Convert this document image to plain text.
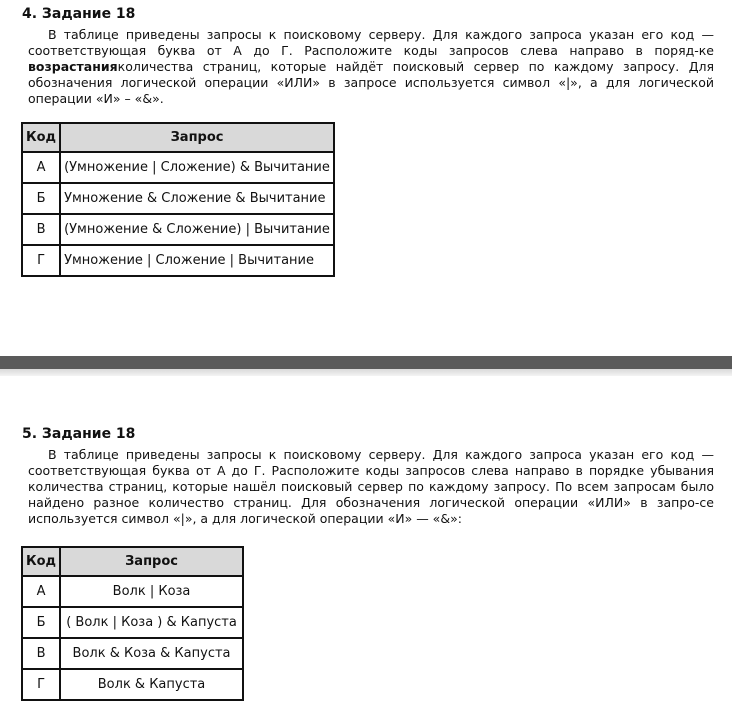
4. Задание 18

В таблице приведены запросы к поисковому серверу. Для каждого запроса указан его код — соответствующая буква от А до Г. Расположите коды запросов слева направо в поряд-ке возрастанияколичества страниц, которые найдёт поисковый сервер по каждому запросу. Для обозначения логической операции «ИЛИ» в запросе используется символ «|», а для логической операции «И» – «&».

Код	Запрос
А	(Умножение | Сложение) & Вычитание
Б	Умножение & Сложение & Вычитание
В	(Умножение & Сложение) | Вычитание
Г	Умножение | Сложение | Вычитание
5. Задание 18

В таблице приведены запросы к поисковому серверу. Для каждого запроса указан его код — соответствующая буква от А до Г. Расположите коды запросов слева направо в порядке убывания количества страниц, которые нашёл поисковый сервер по каждому запросу. По всем запросам было найдено разное количество страниц. Для обозначения логической операции «ИЛИ» в запро-се используется символ «|», а для логической операции «И» — «&»:

Код	Запрос
А	Волк | Коза
Б	( Волк | Коза ) & Капуста
В	Волк & Коза & Капуста
Г	Волк & Капуста
